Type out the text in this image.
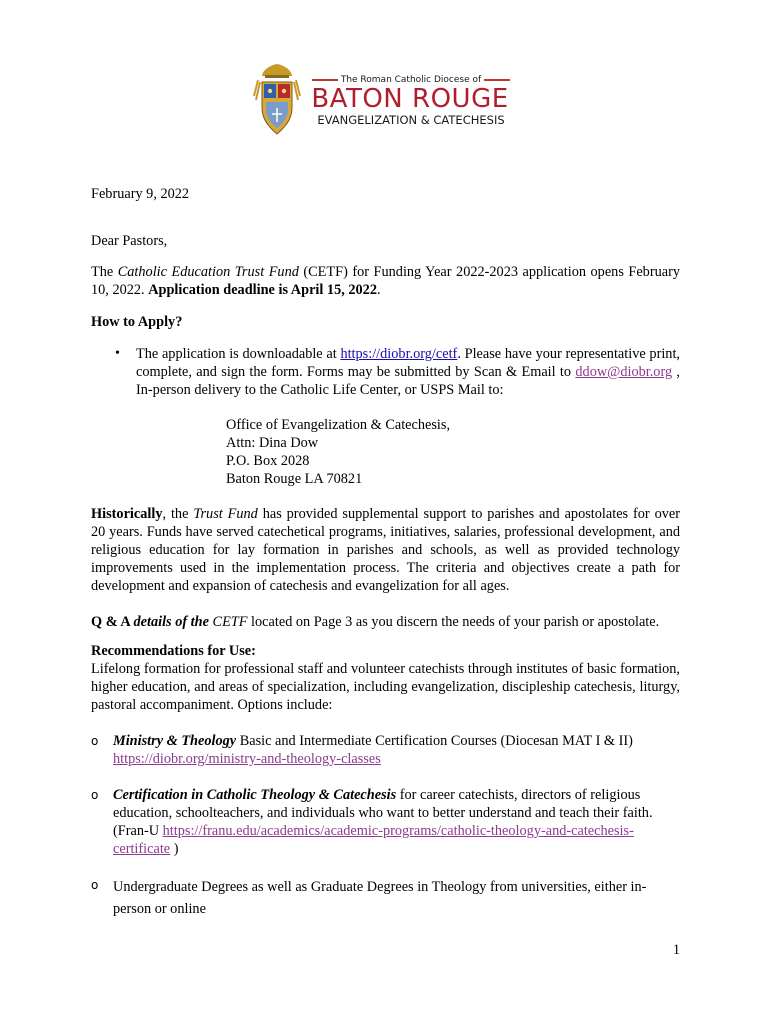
The Roman Catholic Diocese of
BATON ROUGE
EVANGELIZATION & CATECHESIS
February 9, 2022
Dear Pastors,
The Catholic Education Trust Fund (CETF) for Funding Year 2022-2023 application opens February 10, 2022. Application deadline is April 15, 2022.
How to Apply?
• The application is downloadable at https://diobr.org/cetf. Please have your representative print, complete, and sign the form. Forms may be submitted by Scan & Email to ddow@diobr.org , In-person delivery to the Catholic Life Center, or USPS Mail to:
Office of Evangelization & Catechesis,
Attn: Dina Dow
P.O. Box 2028
Baton Rouge LA 70821
Historically, the Trust Fund has provided supplemental support to parishes and apostolates for over 20 years. Funds have served catechetical programs, initiatives, salaries, professional development, and religious education for lay formation in parishes and schools, as well as provided technology improvements used in the implementation process. The criteria and objectives create a path for development and expansion of catechesis and evangelization for all ages.
Q & A details of the CETF located on Page 3 as you discern the needs of your parish or apostolate.
Recommendations for Use:
Lifelong formation for professional staff and volunteer catechists through institutes of basic formation, higher education, and areas of specialization, including evangelization, discipleship catechesis, liturgy, pastoral accompaniment. Options include:
o Ministry & Theology Basic and Intermediate Certification Courses (Diocesan MAT I & II)
https://diobr.org/ministry-and-theology-classes
o Certification in Catholic Theology & Catechesis for career catechists, directors of religious education, schoolteachers, and individuals who want to better understand and teach their faith. (Fran-U https://franu.edu/academics/academic-programs/catholic-theology-and-catechesis-certificate )
o Undergraduate Degrees as well as Graduate Degrees in Theology from universities, either in-person or online
1
